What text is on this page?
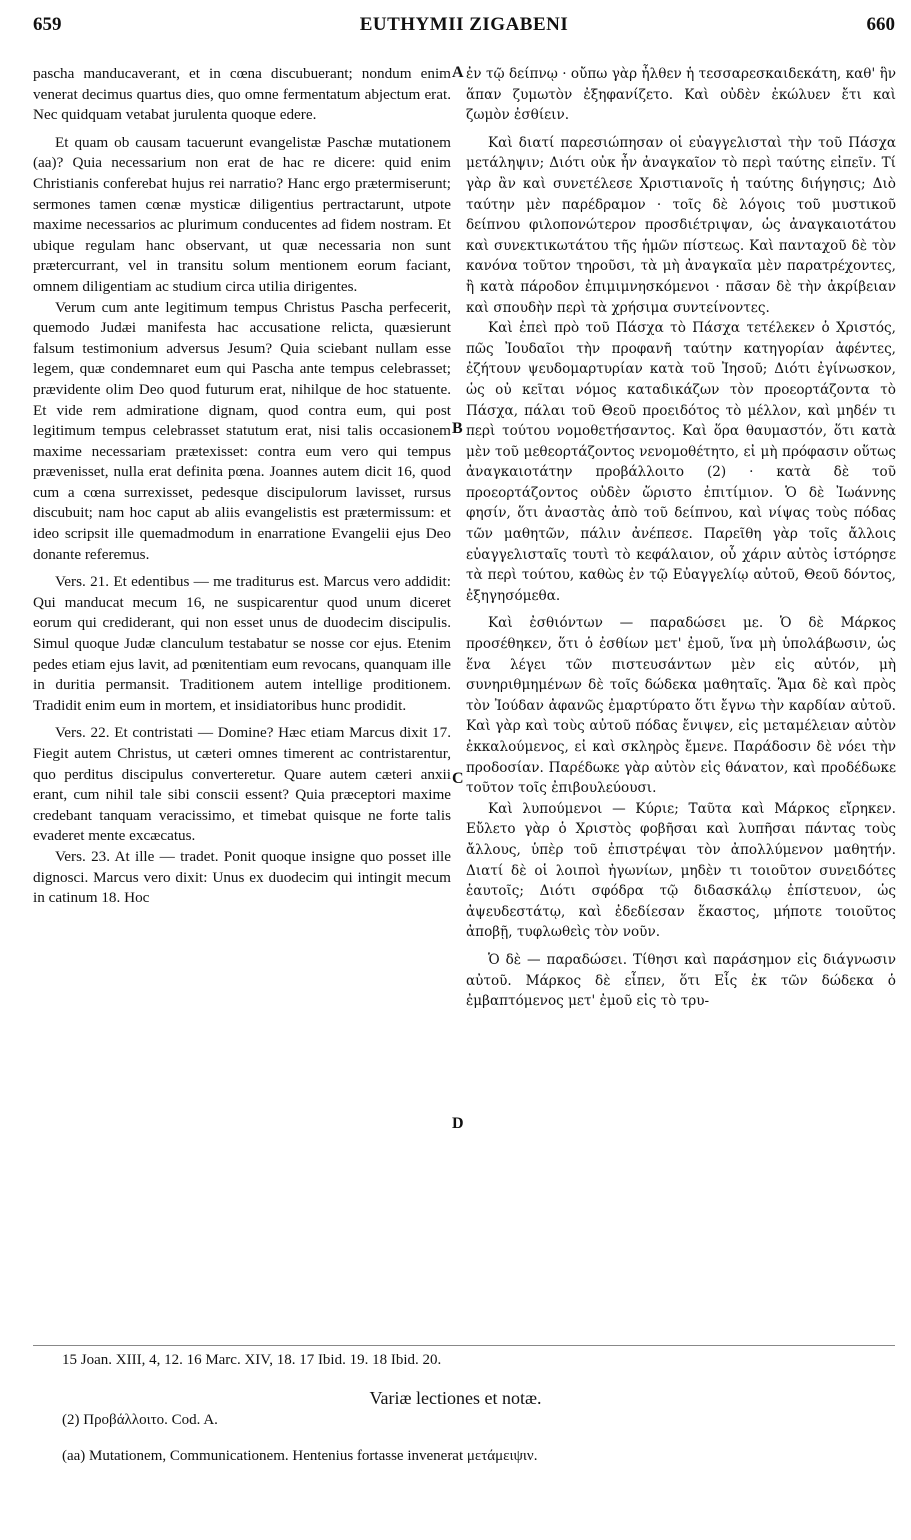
659	EUTHYMII ZIGABENI	660

pascha manducaverant, et in cœna discubuerant; nondum enim venerat decimus quartus dies, quo omne fermentatum abjectum erat. Nec quidquam vetabat jurulenta quoque edere.

Et quam ob causam tacuerunt evangelistæ Paschæ mutationem (aa)? Quia necessarium non erat de hac re dicere: quid enim Christianis conferebat hujus rei narratio? Hanc ergo prætermiserunt; sermones tamen cœnæ mysticæ diligentius pertractarunt, utpote maxime necessarios ac plurimum conducentes ad fidem nostram. Et ubique regulam hanc observant, ut quæ necessaria non sunt prætercurrant, vel in transitu solum mentionem eorum faciant, omnem diligentiam ac studium circa utilia dirigentes.

Verum cum ante legitimum tempus Christus Pascha perfecerit, quemodo Judæi manifesta hac accusatione relicta, quæsierunt falsum testimonium adversus Jesum? Quia sciebant nullam esse legem, quæ condemnaret eum qui Pascha ante tempus celebrasset; prævidente olim Deo quod futurum erat, nihilque de hoc statuente. Et vide rem admiratione dignam, quod contra eum, qui post legitimum tempus celebrasset statutum erat, nisi talis occasionem maxime necessariam prætexisset: contra eum vero qui tempus prævenisset, nulla erat definita pœna. Joannes autem dicit 16, quod cum a cœna surrexisset, pedesque discipulorum lavisset, rursus discubuit; nam hoc caput ab aliis evangelistis est prætermissum: et ideo scripsit ille quemadmodum in enarratione Evangelii ejus Deo donante referemus.

Vers. 21. Et edentibus — me traditurus est. Marcus vero addidit: Qui manducat mecum 16, ne suspicarentur quod unum diceret eorum qui crediderant, qui non esset unus de duodecim discipulis. Simul quoque Judæ clanculum testabatur se nosse cor ejus. Etenim pedes etiam ejus lavit, ad pœnitentiam eum revocans, quanquam ille in duritia permansit. Traditionem autem intellige proditionem. Tradidit enim eum in mortem, et insidiatoribus hunc prodidit.

Vers. 22. Et contristati — Domine? Hæc etiam Marcus dixit 17. Fiegit autem Christus, ut cæteri omnes timerent ac contristarentur, quo perditus discipulus converteretur. Quare autem cæteri anxii erant, cum nihil tale sibi conscii essent? Quia præceptori maxime credebant tanquam veracissimo, et timebat quisque ne forte talis evaderet mente excæcatus.

Vers. 23. At ille — tradet. Ponit quoque insigne quo posset ille dignosci. Marcus vero dixit: Unus ex duodecim qui intingit mecum in catinum 18. Hoc

A
B
C
D

ἐν τῷ δείπνῳ · οὔπω γὰρ ἦλθεν ἡ τεσσαρεσκαιδεκάτη, καθ' ἣν ἅπαν ζυμωτὸν ἐξηφανίζετο. Καὶ οὐδὲν ἐκώλυεν ἔτι καὶ ζωμὸν ἐσθίειν.

Καὶ διατί παρεσιώπησαν οἱ εὐαγγελισταὶ τὴν τοῦ Πάσχα μετάληψιν; Διότι οὐκ ἦν ἀναγκαῖον τὸ περὶ ταύτης εἰπεῖν. Τί γὰρ ἂν καὶ συνετέλεσε Χριστιανοῖς ἡ ταύτης διήγησις; Διὸ ταύτην μὲν παρέδραμον · τοῖς δὲ λόγοις τοῦ μυστικοῦ δείπνου φιλοπονώτερον προσδιέτριψαν, ὡς ἀναγκαιοτάτου καὶ συνεκτικωτάτου τῆς ἡμῶν πίστεως. Καὶ πανταχοῦ δὲ τὸν κανόνα τοῦτον τηροῦσι, τὰ μὴ ἀναγκαῖα μὲν παρατρέχοντες, ἢ κατὰ πάροδον ἐπιμιμνησκόμενοι · πᾶσαν δὲ τὴν ἀκρίβειαν καὶ σπουδὴν περὶ τὰ χρήσιμα συντείνοντες.

Καὶ ἐπεὶ πρὸ τοῦ Πάσχα τὸ Πάσχα τετέλεκεν ὁ Χριστός, πῶς Ἰουδαῖοι τὴν προφανῆ ταύτην κατηγορίαν ἀφέντες, ἐζήτουν ψευδομαρτυρίαν κατὰ τοῦ Ἰησοῦ; Διότι ἐγίνωσκον, ὡς οὐ κεῖται νόμος καταδικάζων τὸν προεορτάζοντα τὸ Πάσχα, πάλαι τοῦ Θεοῦ προειδότος τὸ μέλλον, καὶ μηδέν τι περὶ τούτου νομοθετήσαντος. Καὶ ὅρα θαυμαστόν, ὅτι κατὰ μὲν τοῦ μεθεορτάζοντος νενομοθέτητο, εἰ μὴ πρόφασιν οὕτως ἀναγκαιοτάτην προβάλλοιτο (2) · κατὰ δὲ τοῦ προεορτάζοντος οὐδὲν ὥριστο ἐπιτίμιον. Ὁ δὲ Ἰωάννης φησίν, ὅτι ἀναστὰς ἀπὸ τοῦ δείπνου, καὶ νίψας τοὺς πόδας τῶν μαθητῶν, πάλιν ἀνέπεσε. Παρεῖθη γὰρ τοῖς ἄλλοις εὐαγγελισταῖς τουτὶ τὸ κεφάλαιον, οὗ χάριν αὐτὸς ἱστόρησε τὰ περὶ τούτου, καθὼς ἐν τῷ Εὐαγγελίῳ αὐτοῦ, Θεοῦ δόντος, ἐξηγησόμεθα.

Καὶ ἐσθιόντων — παραδώσει με. Ὁ δὲ Μάρκος προσέθηκεν, ὅτι ὁ ἐσθίων μετ' ἐμοῦ, ἵνα μὴ ὑπολάβωσιν, ὡς ἕνα λέγει τῶν πιστευσάντων μὲν εἰς αὐτόν, μὴ συνηριθμημένων δὲ τοῖς δώδεκα μαθηταῖς. Ἅμα δὲ καὶ πρὸς τὸν Ἰούδαν ἀφανῶς ἐμαρτύρατο ὅτι ἔγνω τὴν καρδίαν αὐτοῦ. Καὶ γὰρ καὶ τοὺς αὐτοῦ πόδας ἔνιψεν, εἰς μεταμέλειαν αὐτὸν ἐκκαλούμενος, εἰ καὶ σκληρὸς ἔμενε. Παράδοσιν δὲ νόει τὴν προδοσίαν. Παρέδωκε γὰρ αὐτὸν εἰς θάνατον, καὶ προδέδωκε τοῦτον τοῖς ἐπιβουλεύουσι.

Καὶ λυπούμενοι — Κύριε; Ταῦτα καὶ Μάρκος εἴρηκεν. Εὔλετο γὰρ ὁ Χριστὸς φοβῆσαι καὶ λυπῆσαι πάντας τοὺς ἄλλους, ὑπὲρ τοῦ ἐπιστρέψαι τὸν ἀπολλύμενον μαθητήν. Διατί δὲ οἱ λοιποὶ ἠγωνίων, μηδὲν τι τοιοῦτον συνειδότες ἑαυτοῖς; Διότι σφόδρα τῷ διδασκάλῳ ἐπίστευον, ὡς ἀψευδεστάτῳ, καὶ ἐδεδίεσαν ἕκαστος, μήποτε τοιοῦτος ἀποβῇ, τυφλωθεὶς τὸν νοῦν.

Ὁ δὲ — παραδώσει. Τίθησι καὶ παράσημον εἰς διάγνωσιν αὐτοῦ. Μάρκος δὲ εἶπεν, ὅτι Εἷς ἐκ τῶν δώδεκα ὁ ἐμβαπτόμενος μετ' ἐμοῦ εἰς τὸ τρυ-

15 Joan. XIII, 4, 12. 16 Marc. XIV, 18. 17 Ibid. 19. 18 Ibid. 20.
Variæ lectiones et notæ.
(2) Προβάλλοιτο. Cod. A.
(aa) Mutationem, Communicationem. Hentenius fortasse invenerat μετάμειψιν.
